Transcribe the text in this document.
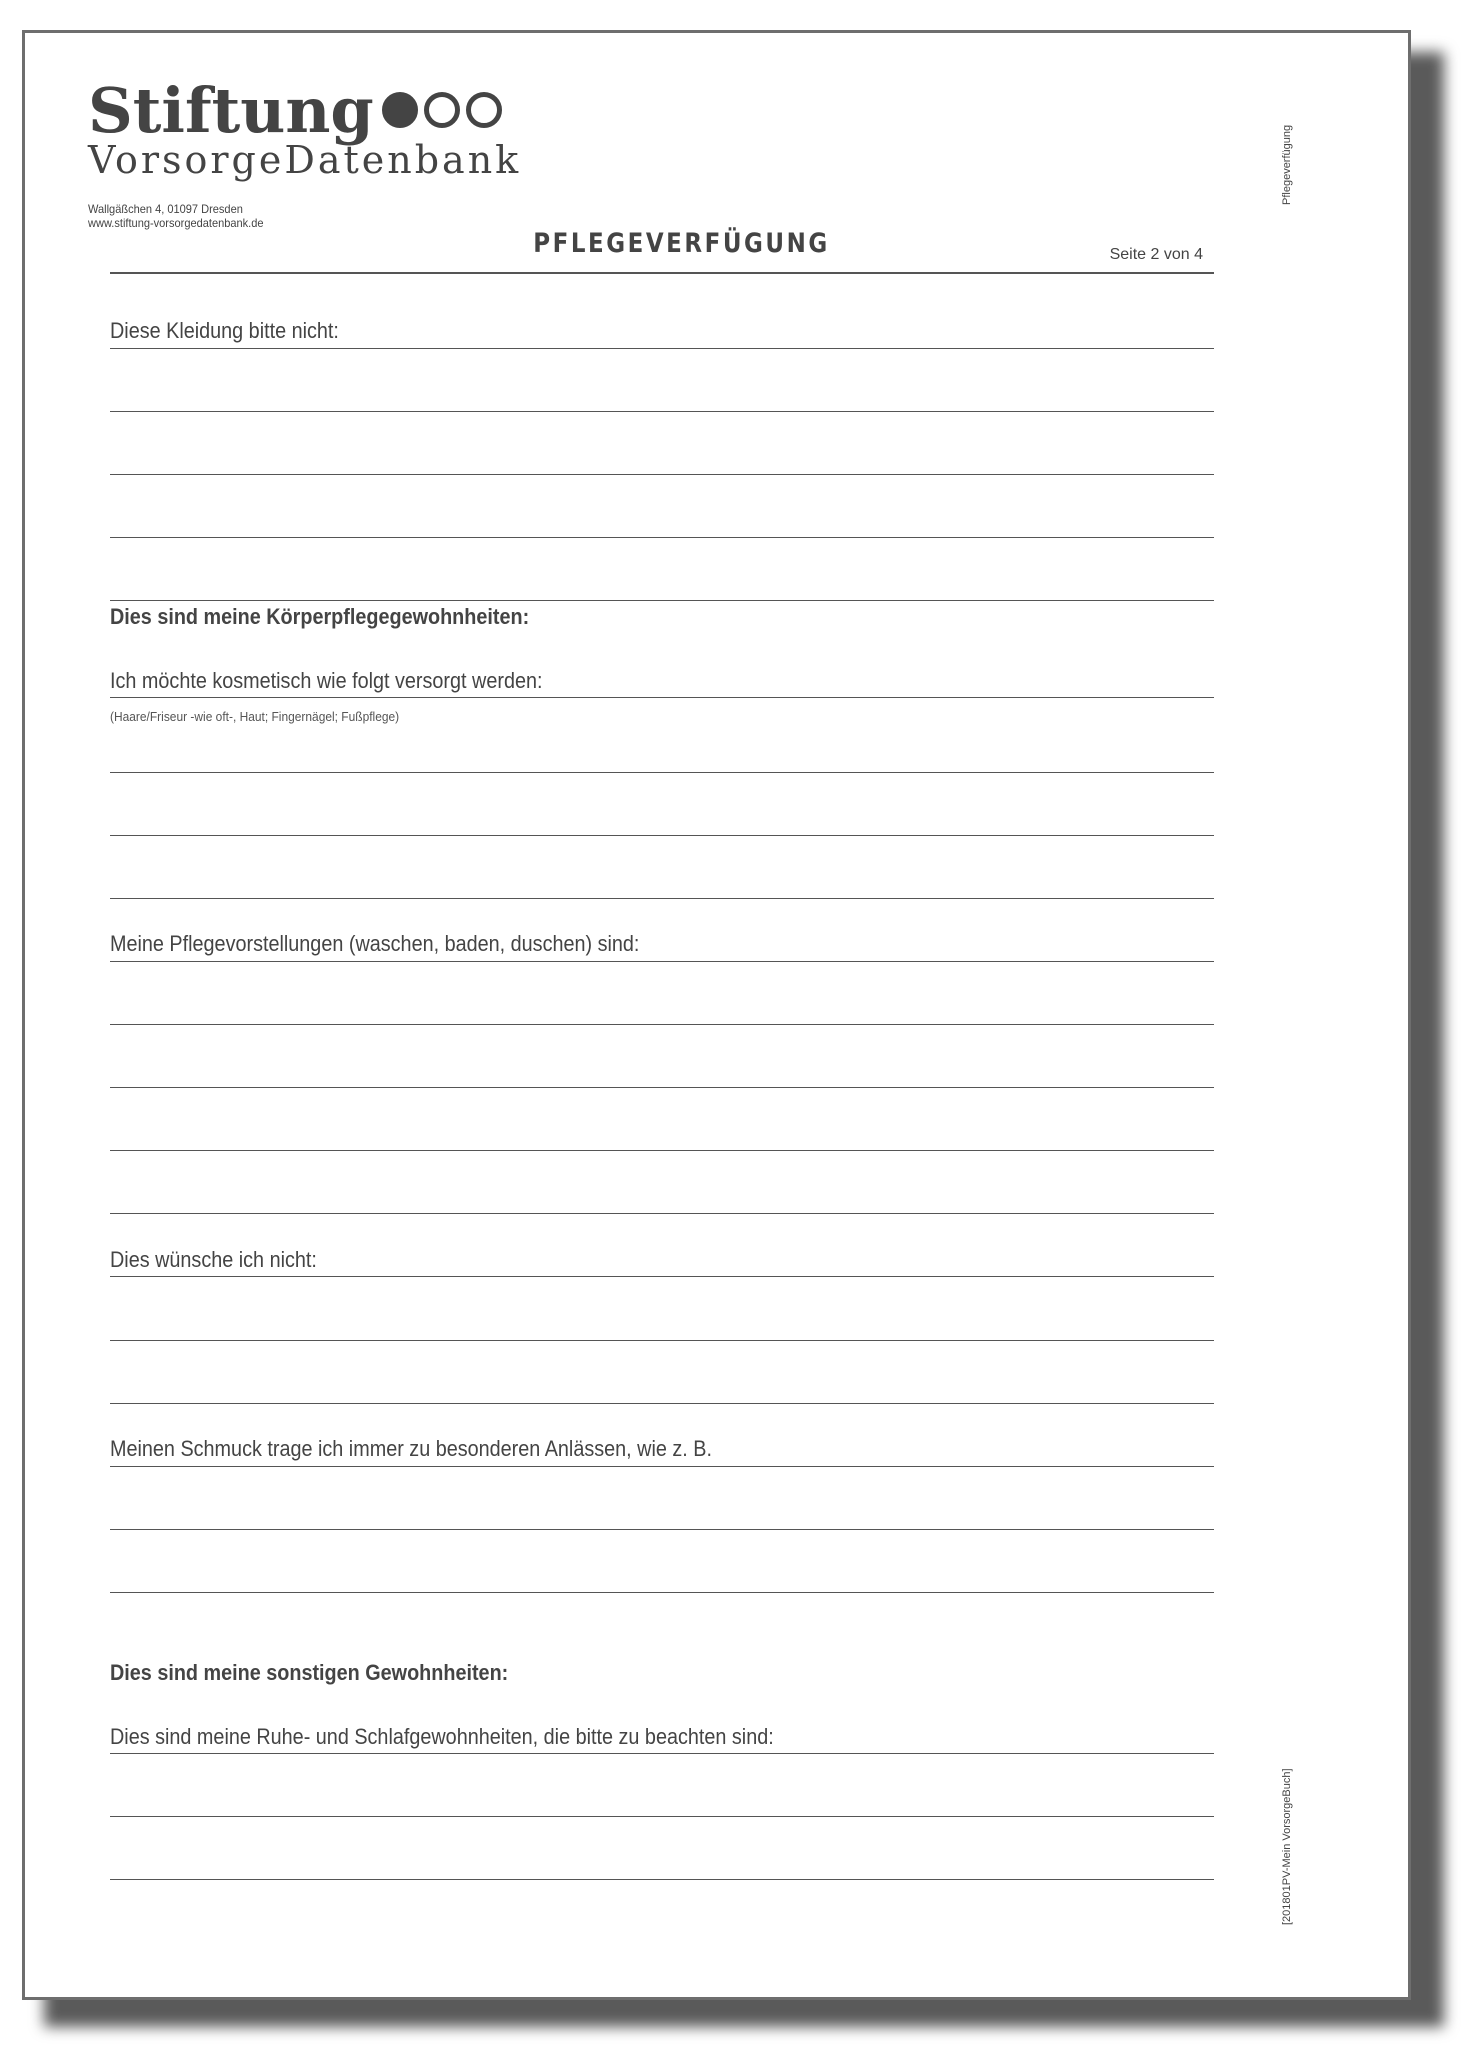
Stiftung
VorsorgeDatenbank
Wallgäßchen 4, 01097 Dresden
www.stiftung-vorsorgedatenbank.de
PFLEGEVERFÜGUNG	Seite 2 von 4
Pflegeverfügung
[201801PV-Mein VorsorgeBuch]
Diese Kleidung bitte nicht:
Dies sind meine Körperpflegegewohnheiten:
Ich möchte kosmetisch wie folgt versorgt werden:
(Haare/Friseur -wie oft-, Haut; Fingernägel; Fußpflege)
Meine Pflegevorstellungen (waschen, baden, duschen) sind:
Dies wünsche ich nicht:
Meinen Schmuck trage ich immer zu besonderen Anlässen, wie z. B.
Dies sind meine sonstigen Gewohnheiten:
Dies sind meine Ruhe- und Schlafgewohnheiten, die bitte zu beachten sind:
